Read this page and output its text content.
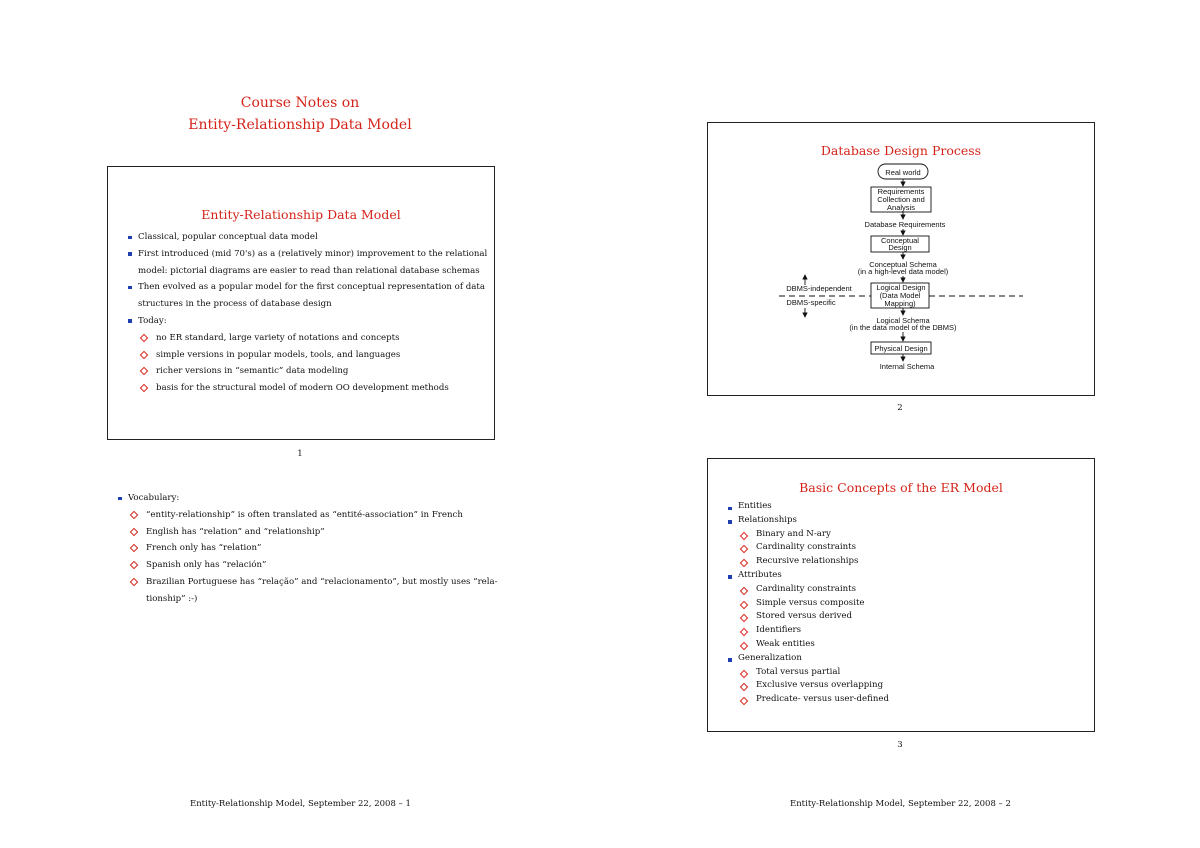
Course Notes on
Entity-Relationship Data Model
Entity-Relationship Data Model
Classical, popular conceptual data model
First introduced (mid 70's) as a (relatively minor) improvement to the relational model: pictorial diagrams are easier to read than relational database schemas
Then evolved as a popular model for the first conceptual representation of data structures in the process of database design
Today:
no ER standard, large variety of notations and concepts
simple versions in popular models, tools, and languages
richer versions in “semantic” data modeling
basis for the structural model of modern OO development methods
1
Vocabulary:
“entity-relationship” is often translated as “entité-association” in French
English has “relation” and “relationship”
French only has “relation”
Spanish only has “relación”
Brazilian Portuguese has “relação” and “relacionamento”, but mostly uses “rela-tionship” :-)
Entity-Relationship Model, September 22, 2008 – 1
Database Design Process
Real world
Requirements
Collection and
Analysis
Database Requirements
Conceptual
Design
Conceptual Schema
(in a high-level data model)
DBMS-independent
DBMS-specific
Logical Design
(Data Model
Mapping)
Logical Schema
(in the data model of the DBMS)
Physical Design
Internal Schema
2
Basic Concepts of the ER Model
Entities
Relationships
Binary and N-ary
Cardinality constraints
Recursive relationships
Attributes
Cardinality constraints
Simple versus composite
Stored versus derived
Identifiers
Weak entities
Generalization
Total versus partial
Exclusive versus overlapping
Predicate- versus user-defined
3
Entity-Relationship Model, September 22, 2008 – 2
